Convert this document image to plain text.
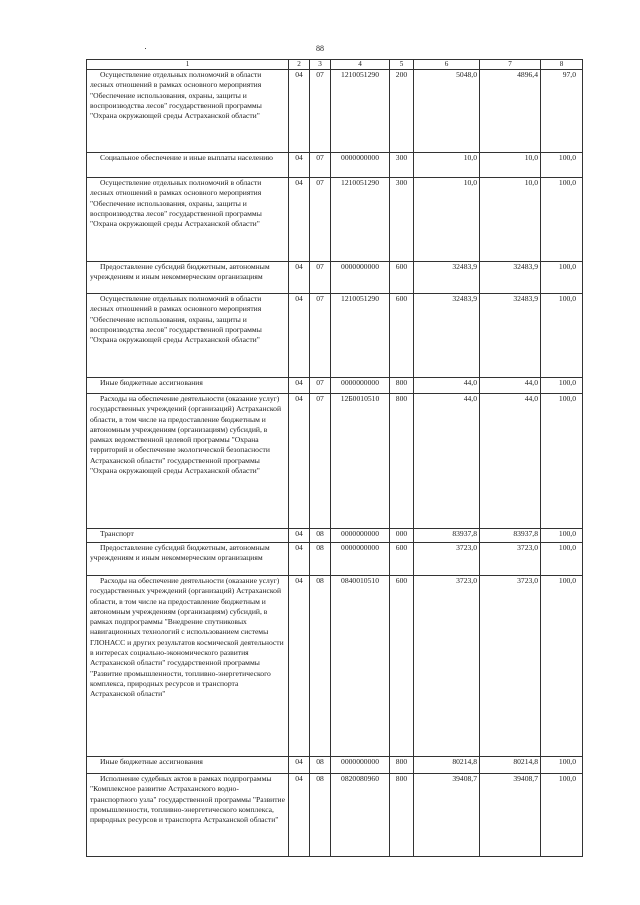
88
1	2	3	4	5	6	7	8
Осуществление отдельных полномочий в области лесных отношений в рамках основного мероприятия "Обеспечение использования, охраны, защиты и воспроизводства лесов" государственной программы "Охрана окружающей среды Астраханской области"	04	07	1210051290	200	5048,0	4896,4	97,0
Социальное обеспечение и иные выплаты населению	04	07	0000000000	300	10,0	10,0	100,0
Осуществление отдельных полномочий в области лесных отношений в рамках основного мероприятия "Обеспечение использования, охраны, защиты и воспроизводства лесов" государственной программы "Охрана окружающей среды Астраханской области"	04	07	1210051290	300	10,0	10,0	100,0
Предоставление субсидий бюджетным, автономным учреждениям и иным некоммерческим организациям	04	07	0000000000	600	32483,9	32483,9	100,0
Осуществление отдельных полномочий в области лесных отношений в рамках основного мероприятия "Обеспечение использования, охраны, защиты и воспроизводства лесов" государственной программы "Охрана окружающей среды Астраханской области"	04	07	1210051290	600	32483,9	32483,9	100,0
Иные бюджетные ассигнования	04	07	0000000000	800	44,0	44,0	100,0
Расходы на обеспечение деятельности (оказание услуг) государственных учреждений (организаций) Астраханской области, в том числе на предоставление бюджетным и автономным учреждениям (организациям) субсидий, в рамках ведомственной целевой программы "Охрана территорий и обеспечение экологической безопасности Астраханской области" государственной программы "Охрана окружающей среды Астраханской области"	04	07	12Б0010510	800	44,0	44,0	100,0
Транспорт	04	08	0000000000	000	83937,8	83937,8	100,0
Предоставление субсидий бюджетным, автономным учреждениям и иным некоммерческим организациям	04	08	0000000000	600	3723,0	3723,0	100,0
Расходы на обеспечение деятельности (оказание услуг) государственных учреждений (организаций) Астраханской области, в том числе на предоставление бюджетным и автономным учреждениям (организациям) субсидий, в рамках подпрограммы "Внедрение спутниковых навигационных технологий с использованием системы ГЛОНАСС и других результатов космической деятельности в интересах социально-экономического развития Астраханской области" государственной программы "Развитие промышленности, топливно-энергетического комплекса, природных ресурсов и транспорта Астраханской области"	04	08	0840010510	600	3723,0	3723,0	100,0
Иные бюджетные ассигнования	04	08	0000000000	800	80214,8	80214,8	100,0
Исполнение судебных актов в рамках подпрограммы "Комплексное развитие Астраханского водно-транспортного узла" государственной программы "Развитие промышленности, топливно-энергетического комплекса, природных ресурсов и транспорта Астраханской области"	04	08	0820080960	800	39408,7	39408,7	100,0
